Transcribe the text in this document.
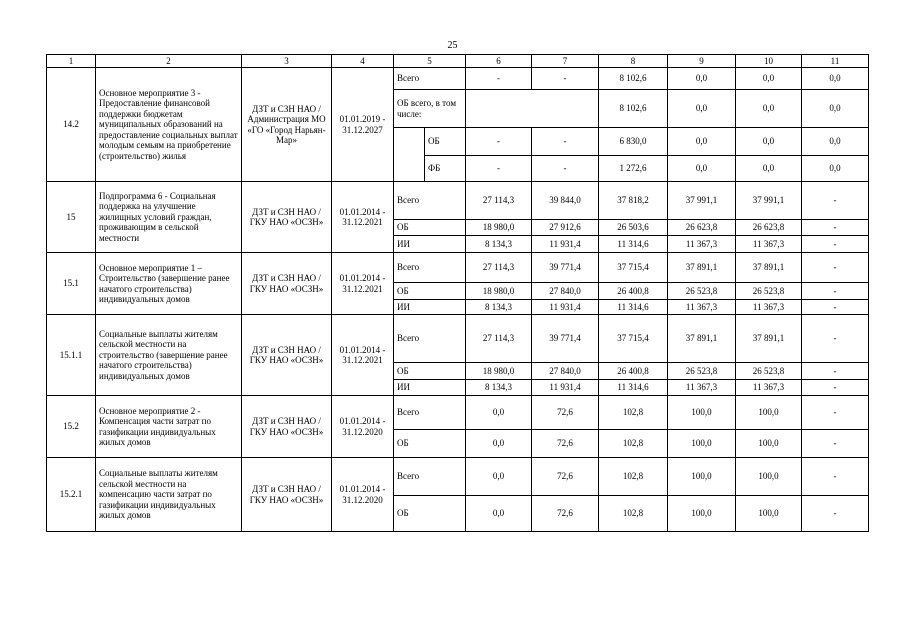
25
1	2	3	4	5		6	7	8	9	10	11
14.2	Основное мероприятие 3 - Предоставление финансовой поддержки бюджетам муниципальных образований на предоставление социальных выплат молодым семьям на приобретение (строительство) жилья	ДЗТ и СЗН НАО / Администрация МО «ГО «Город Нарьян-Мар»	01.01.2019 - 31.12.2027	Всего		-	-	8 102,6	0,0	0,0	0,0
				ОБ всего, в том числе:				8 102,6	0,0	0,0	0,0
					ОБ	-	-	6 830,0	0,0	0,0	0,0
					ФБ	-	-	1 272,6	0,0	0,0	0,0
15	Подпрограмма 6 - Социальная поддержка на улучшение жилищных условий граждан, проживающим в сельской местности	ДЗТ и СЗН НАО / ГКУ НАО «ОСЗН»	01.01.2014 - 31.12.2021	Всего		27 114,3	39 844,0	37 818,2	37 991,1	37 991,1	-
				ОБ		18 980,0	27 912,6	26 503,6	26 623,8	26 623,8	-
				ИИ		8 134,3	11 931,4	11 314,6	11 367,3	11 367,3	-
15.1	Основное мероприятие 1 – Строительство (завершение ранее начатого строительства) индивидуальных домов	ДЗТ и СЗН НАО / ГКУ НАО «ОСЗН»	01.01.2014 - 31.12.2021	Всего		27 114,3	39 771,4	37 715,4	37 891,1	37 891,1	-
				ОБ		18 980,0	27 840,0	26 400,8	26 523,8	26 523,8	-
				ИИ		8 134,3	11 931,4	11 314,6	11 367,3	11 367,3	-
15.1.1	Социальные выплаты жителям сельской местности на строительство (завершение ранее начатого строительства) индивидуальных домов	ДЗТ и СЗН НАО / ГКУ НАО «ОСЗН»	01.01.2014 - 31.12.2021	Всего		27 114,3	39 771,4	37 715,4	37 891,1	37 891,1	-
				ОБ		18 980,0	27 840,0	26 400,8	26 523,8	26 523,8	-
				ИИ		8 134,3	11 931,4	11 314,6	11 367,3	11 367,3	-
15.2	Основное мероприятие 2 - Компенсация части затрат по газификации индивидуальных жилых домов	ДЗТ и СЗН НАО / ГКУ НАО «ОСЗН»	01.01.2014 - 31.12.2020	Всего		0,0	72,6	102,8	100,0	100,0	-
				ОБ		0,0	72,6	102,8	100,0	100,0	-
15.2.1	Социальные выплаты жителям сельской местности на компенсацию части затрат по газификации индивидуальных жилых домов	ДЗТ и СЗН НАО / ГКУ НАО «ОСЗН»	01.01.2014 - 31.12.2020	Всего		0,0	72,6	102,8	100,0	100,0	-
				ОБ		0,0	72,6	102,8	100,0	100,0	-
